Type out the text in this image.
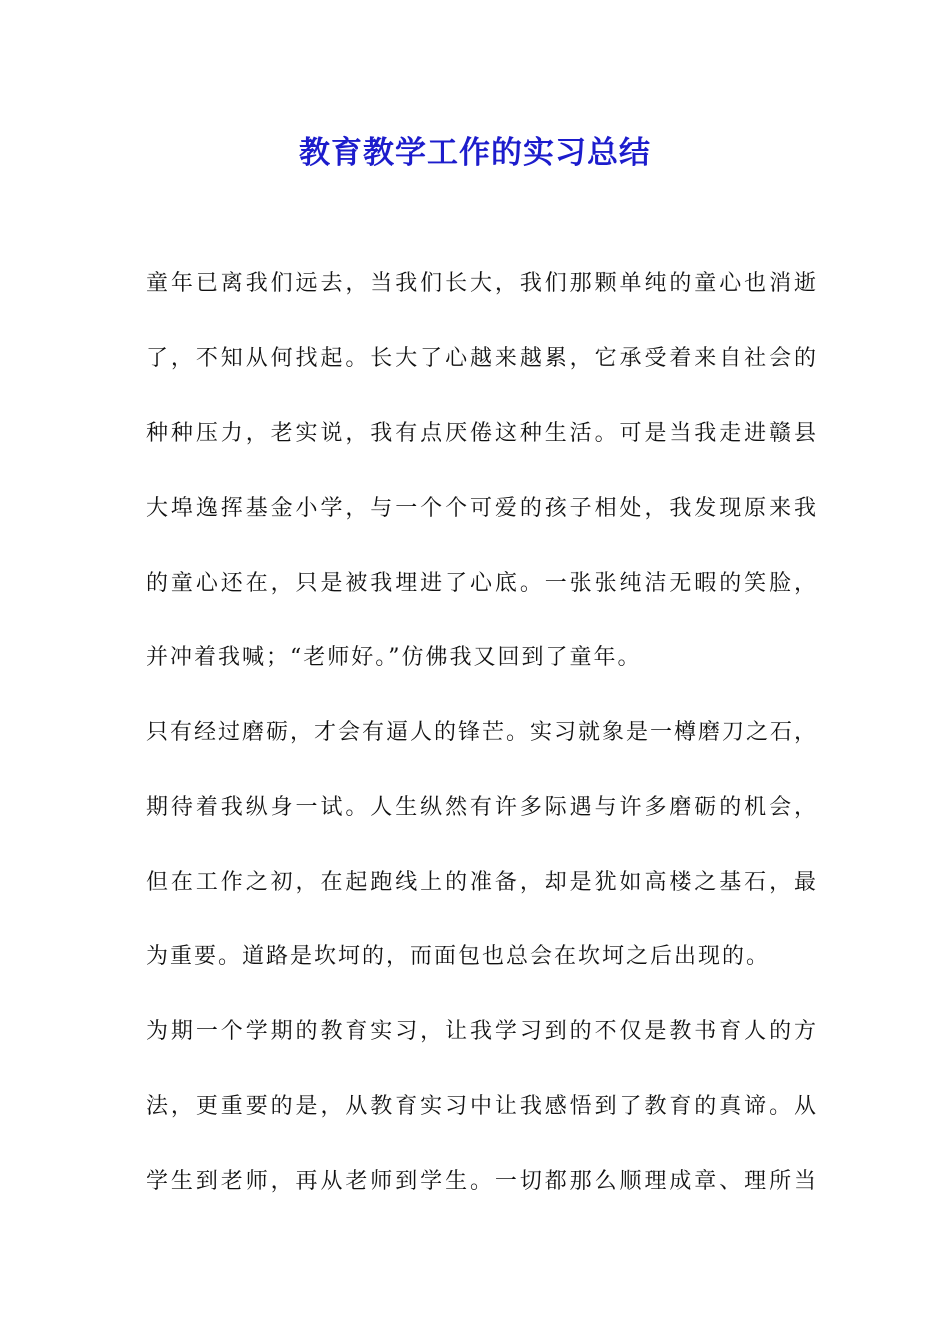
教育教学工作的实习总结
童年已离我们远去，当我们长大，我们那颗单纯的童心也消逝
了，不知从何找起。长大了心越来越累，它承受着来自社会的
种种压力，老实说，我有点厌倦这种生活。可是当我走进赣县
大埠逸挥基金小学，与一个个可爱的孩子相处，我发现原来我
的童心还在，只是被我埋进了心底。一张张纯洁无暇的笑脸，
并冲着我喊；“老师好。”仿佛我又回到了童年。
只有经过磨砺，才会有逼人的锋芒。实习就象是一樽磨刀之石，
期待着我纵身一试。人生纵然有许多际遇与许多磨砺的机会，
但在工作之初，在起跑线上的准备，却是犹如高楼之基石，最
为重要。道路是坎坷的，而面包也总会在坎坷之后出现的。
为期一个学期的教育实习，让我学习到的不仅是教书育人的方
法，更重要的是，从教育实习中让我感悟到了教育的真谛。从
学生到老师，再从老师到学生。一切都那么顺理成章、理所当
